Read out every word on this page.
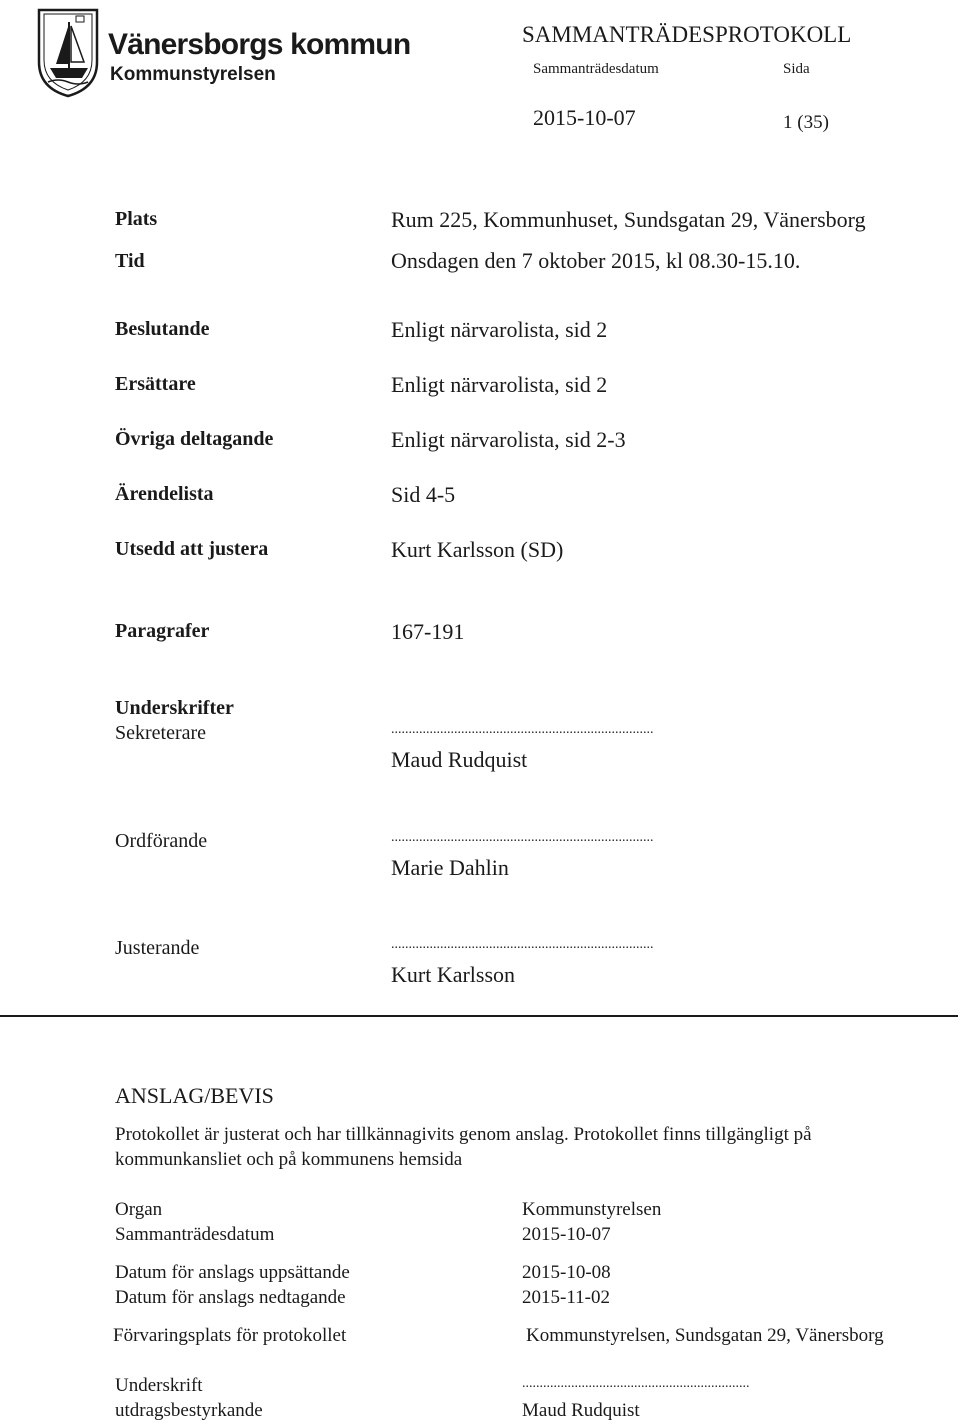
Vänersborgs kommun
Kommunstyrelsen
SAMMANTRÄDESPROTOKOLL
Sammanträdesdatum	Sida
2015-10-07	1 (35)
Plats	Rum 225, Kommunhuset, Sundsgatan 29, Vänersborg
Tid	Onsdagen den 7 oktober 2015, kl 08.30-15.10.
Beslutande	Enligt närvarolista, sid 2
Ersättare	Enligt närvarolista, sid 2
Övriga deltagande	Enligt närvarolista, sid 2-3
Ärendelista	Sid 4-5
Utsedd att justera	Kurt Karlsson (SD)
Paragrafer	167-191
Underskrifter
Sekreterare	...........................................................................
Maud Rudquist
Ordförande	...........................................................................
Marie Dahlin
Justerande	...........................................................................
Kurt Karlsson
ANSLAG/BEVIS
Protokollet är justerat och har tillkännagivits genom anslag. Protokollet finns tillgängligt på
kommunkansliet och på kommunens hemsida
Organ	Kommunstyrelsen
Sammanträdesdatum	2015-10-07
Datum för anslags uppsättande	2015-10-08
Datum för anslags nedtagande	2015-11-02
Förvaringsplats för protokollet	Kommunstyrelsen, Sundsgatan 29, Vänersborg
Underskrift
utdragsbestyrkande
.................................................................
Maud Rudquist
